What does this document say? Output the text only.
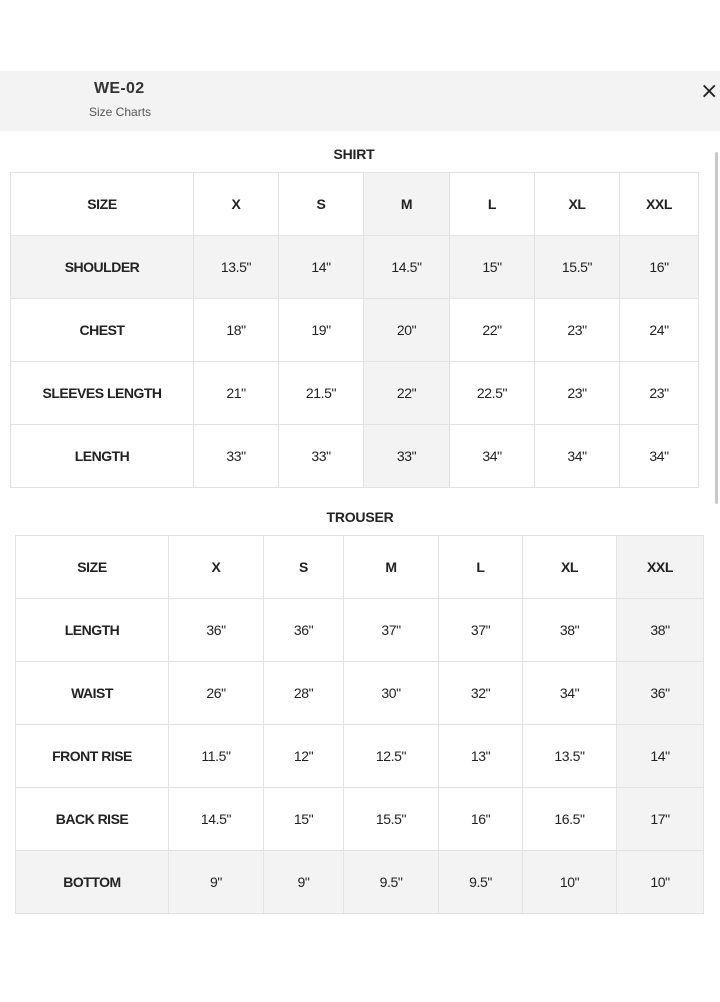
WE-02
Size Charts
×
SHIRT
SIZE	X	S	M	L	XL	XXL
SHOULDER	13.5"	14"	14.5"	15"	15.5"	16"
CHEST	18"	19"	20"	22"	23"	24"
SLEEVES LENGTH	21"	21.5"	22"	22.5"	23"	23"
LENGTH	33"	33"	33"	34"	34"	34"
TROUSER
SIZE	X	S	M	L	XL	XXL
LENGTH	36"	36"	37"	37"	38"	38"
WAIST	26"	28"	30"	32"	34"	36"
FRONT RISE	11.5"	12"	12.5"	13"	13.5"	14"
BACK RISE	14.5"	15"	15.5"	16"	16.5"	17"
BOTTOM	9"	9"	9.5"	9.5"	10"	10"
